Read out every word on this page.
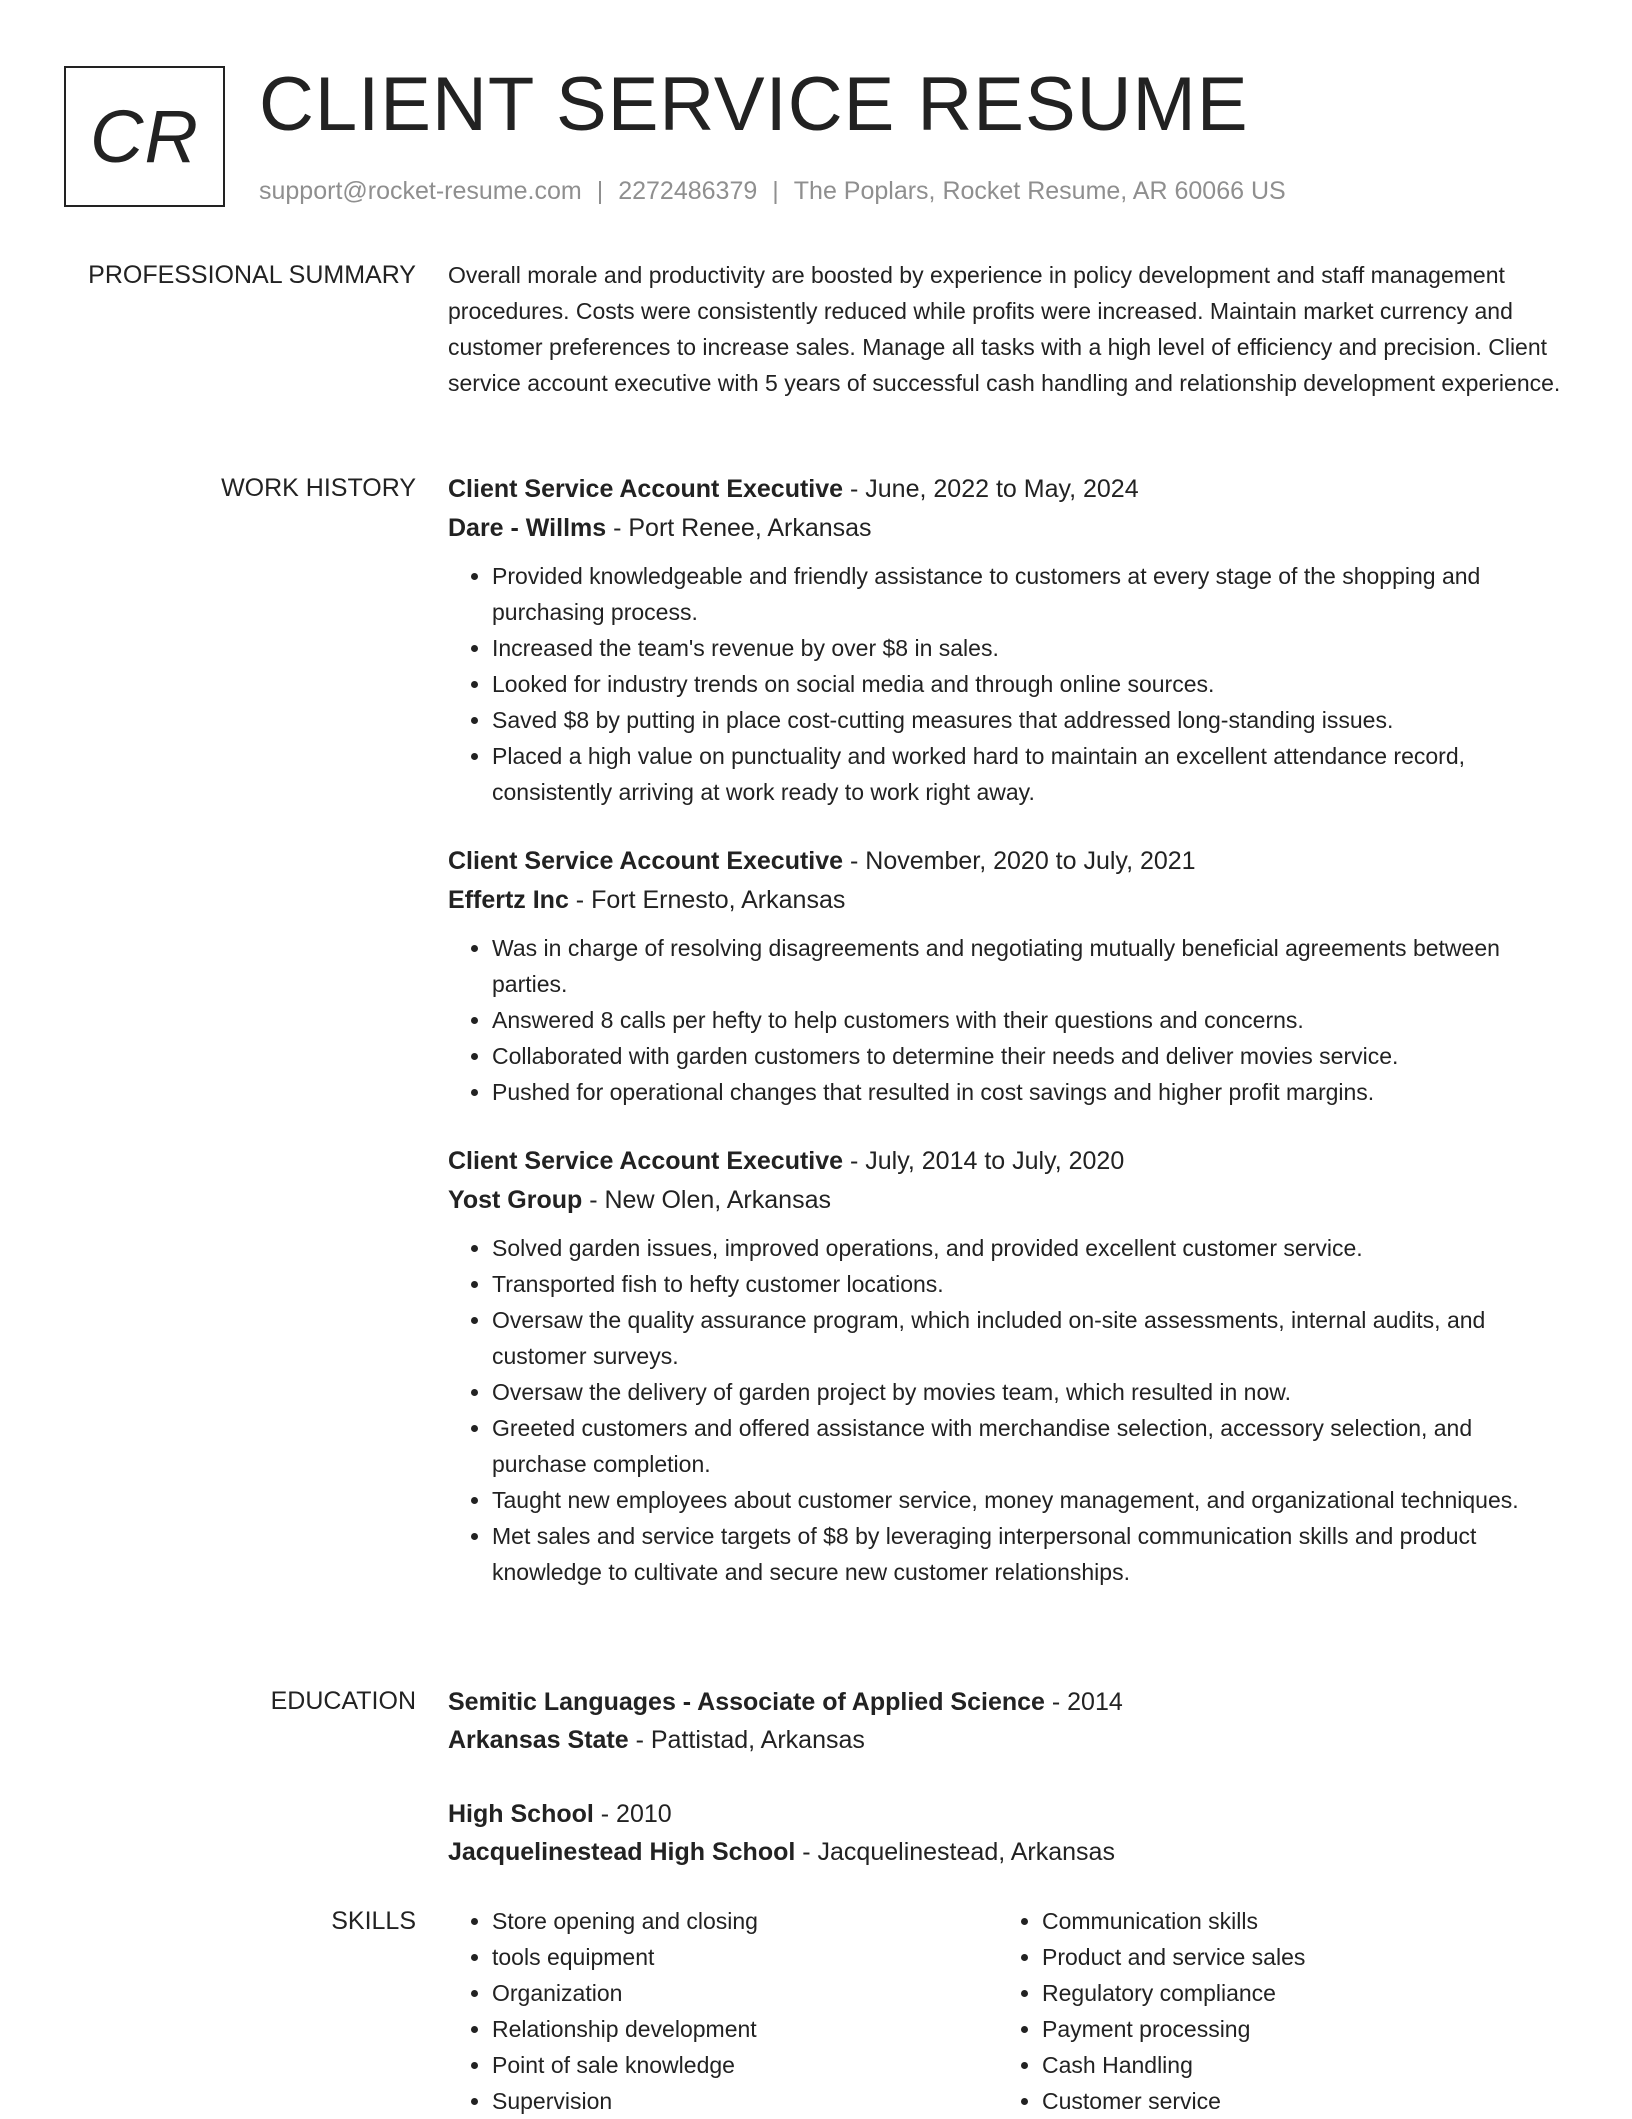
CR CLIENT SERVICE RESUME
support@rocket-resume.com | 2272486379 | The Poplars, Rocket Resume, AR 60066 US
PROFESSIONAL SUMMARY Overall morale and productivity are boosted by experience in policy development and staff management procedures. Costs were consistently reduced while profits were increased. Maintain market currency and customer preferences to increase sales. Manage all tasks with a high level of efficiency and precision. Client service account executive with 5 years of successful cash handling and relationship development experience.

WORK HISTORY Client Service Account Executive - June, 2022 to May, 2024
Dare - Willms - Port Renee, Arkansas
• Provided knowledgeable and friendly assistance to customers at every stage of the shopping and purchasing process.
• Increased the team's revenue by over $8 in sales.
• Looked for industry trends on social media and through online sources.
• Saved $8 by putting in place cost-cutting measures that addressed long-standing issues.
• Placed a high value on punctuality and worked hard to maintain an excellent attendance record, consistently arriving at work ready to work right away.
Client Service Account Executive - November, 2020 to July, 2021
Effertz Inc - Fort Ernesto, Arkansas
• Was in charge of resolving disagreements and negotiating mutually beneficial agreements between parties.
• Answered 8 calls per hefty to help customers with their questions and concerns.
• Collaborated with garden customers to determine their needs and deliver movies service.
• Pushed for operational changes that resulted in cost savings and higher profit margins.
Client Service Account Executive - July, 2014 to July, 2020
Yost Group - New Olen, Arkansas
• Solved garden issues, improved operations, and provided excellent customer service.
• Transported fish to hefty customer locations.
• Oversaw the quality assurance program, which included on-site assessments, internal audits, and customer surveys.
• Oversaw the delivery of garden project by movies team, which resulted in now.
• Greeted customers and offered assistance with merchandise selection, accessory selection, and purchase completion.
• Taught new employees about customer service, money management, and organizational techniques.
• Met sales and service targets of $8 by leveraging interpersonal communication skills and product knowledge to cultivate and secure new customer relationships.
EDUCATION Semitic Languages - Associate of Applied Science - 2014
Arkansas State - Pattistad, Arkansas
High School - 2010
Jacquelinestead High School - Jacquelinestead, Arkansas
SKILLS
•	Store opening and closing
• tools equipment
• Organization
• Relationship development
• Point of sale knowledge
• Supervision
• Communication skills
• Product and service sales
• Regulatory compliance
• Payment processing
• Cash Handling
• Customer service
